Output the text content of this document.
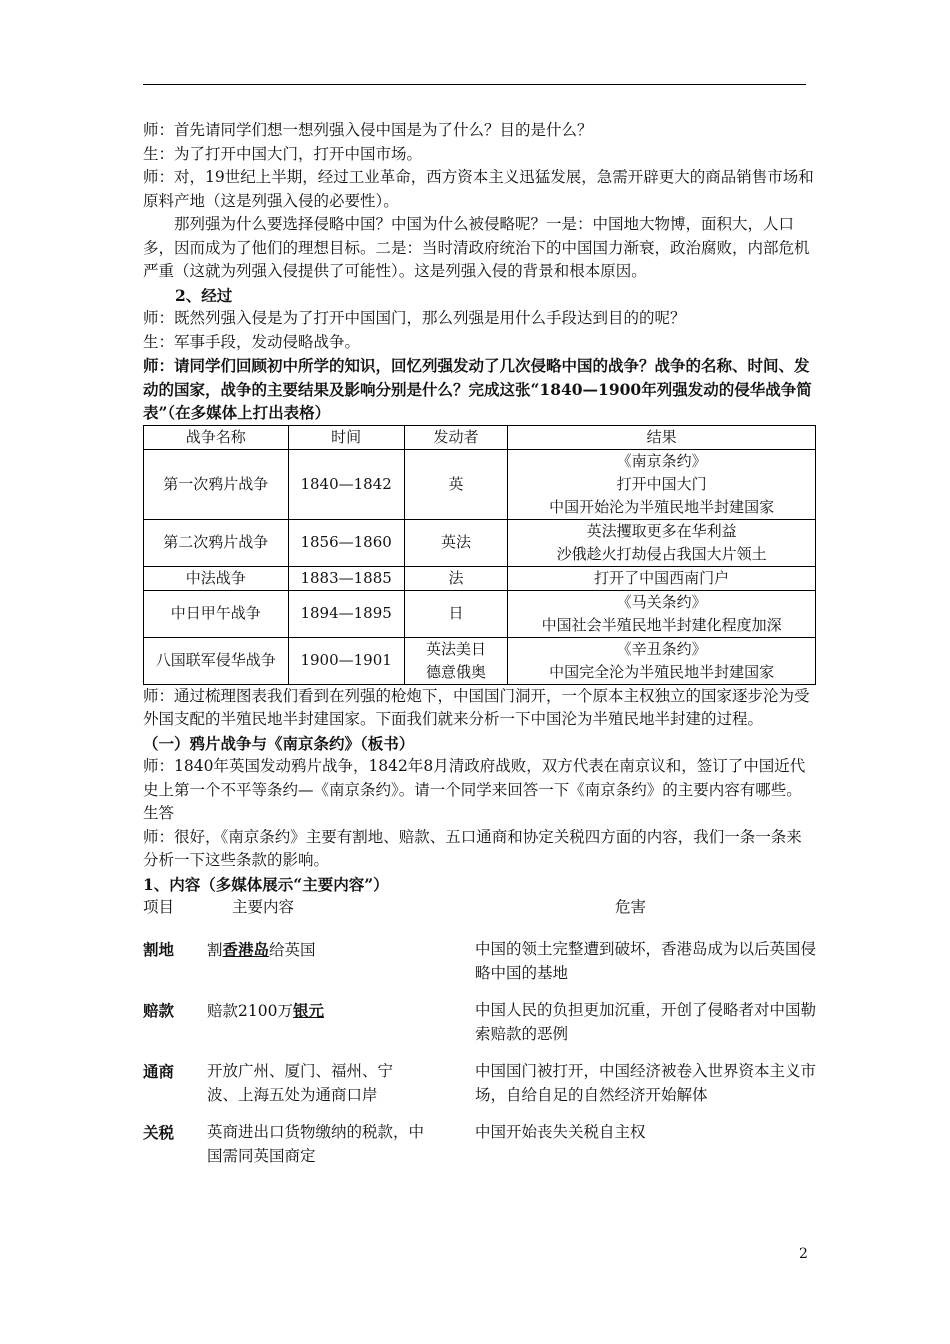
师：首先请同学们想一想列强入侵中国是为了什么？目的是什么？

生：为了打开中国大门，打开中国市场。

师：对，19世纪上半期，经过工业革命，西方资本主义迅猛发展，急需开辟更大的商品销售市场和原料产地（这是列强入侵的必要性）。

那列强为什么要选择侵略中国？中国为什么被侵略呢？一是：中国地大物博，面积大，人口多，因而成为了他们的理想目标。二是：当时清政府统治下的中国国力渐衰，政治腐败，内部危机严重（这就为列强入侵提供了可能性）。这是列强入侵的背景和根本原因。

2、经过

师：既然列强入侵是为了打开中国国门，那么列强是用什么手段达到目的的呢？

生：军事手段，发动侵略战争。

师：请同学们回顾初中所学的知识，回忆列强发动了几次侵略中国的战争？战争的名称、时间、发动的国家，战争的主要结果及影响分别是什么？完成这张“1840—1900年列强发动的侵华战争简表”（在多媒体上打出表格）

战争名称	时间	发动者	结果
第一次鸦片战争	1840—1842	英	《南京条约》
打开中国大门
中国开始沦为半殖民地半封建国家

第二次鸦片战争	1856—1860	英法	英法攫取更多在华利益
沙俄趁火打劫侵占我国大片领土

中法战争	1883—1885	法	打开了中国西南门户

中日甲午战争	1894—1895	日	《马关条约》
中国社会半殖民地半封建化程度加深

八国联军侵华战争	1900—1901	英法美日
德意俄奥	《辛丑条约》
中国完全沦为半殖民地半封建国家

师：通过梳理图表我们看到在列强的枪炮下，中国国门洞开，一个原本主权独立的国家逐步沦为受外国支配的半殖民地半封建国家。下面我们就来分析一下中国沦为半殖民地半封建的过程。

（一）鸦片战争与《南京条约》（板书）

师：1840年英国发动鸦片战争，1842年8月清政府战败，双方代表在南京议和，签订了中国近代史上第一个不平等条约—《南京条约》。请一个同学来回答一下《南京条约》的主要内容有哪些。

生答

师：很好，《南京条约》主要有割地、赔款、五口通商和协定关税四方面的内容，我们一条一条来分析一下这些条款的影响。

1、内容（多媒体展示“主要内容”）

项目	主要内容	危害
割地	割香港岛给英国	中国的领土完整遭到破坏，香港岛成为以后英国侵略中国的基地
赔款	赔款2100万银元	中国人民的负担更加沉重，开创了侵略者对中国勒索赔款的恶例
通商	开放广州、厦门、福州、宁波、上海五处为通商口岸
中国国门被打开，中国经济被卷入世界资本主义市场，自给自足的自然经济开始解体
关税	英商进出口货物缴纳的税款，中国需同英国商定
中国开始丧失关税自主权
2
